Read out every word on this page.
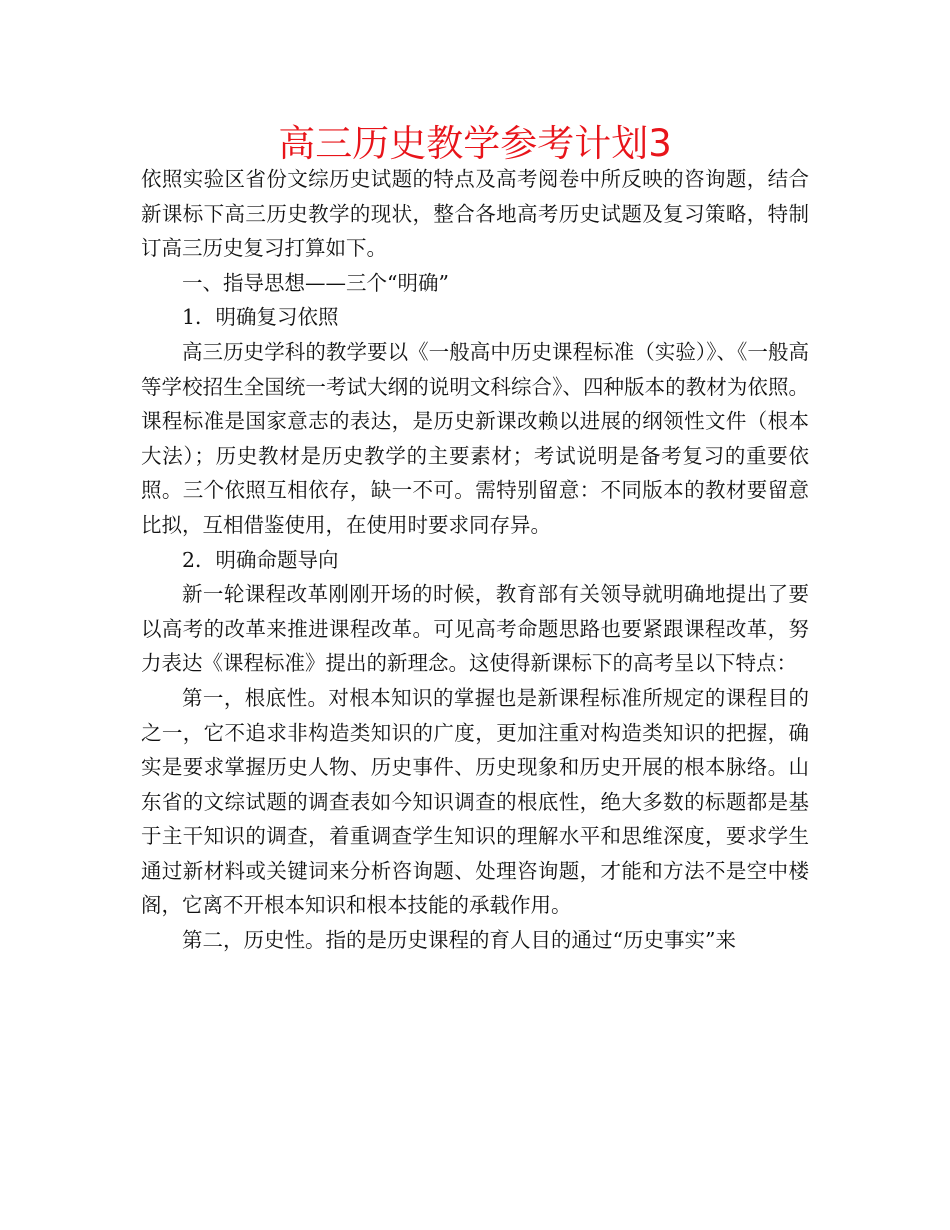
高三历史教学参考计划3

依照实验区省份文综历史试题的特点及高考阅卷中所反映的咨询题，结合新课标下高三历史教学的现状，整合各地高考历史试题及复习策略，特制订高三历史复习打算如下。

一、指导思想——三个“明确”

1．明确复习依照

高三历史学科的教学要以《一般高中历史课程标准（实验）》、《一般高等学校招生全国统一考试大纲的说明文科综合》、四种版本的教材为依照。课程标准是国家意志的表达，是历史新课改赖以进展的纲领性文件（根本大法）；历史教材是历史教学的主要素材；考试说明是备考复习的重要依照。三个依照互相依存，缺一不可。需特别留意：不同版本的教材要留意比拟，互相借鉴使用，在使用时要求同存异。

2．明确命题导向

新一轮课程改革刚刚开场的时候，教育部有关领导就明确地提出了要以高考的改革来推进课程改革。可见高考命题思路也要紧跟课程改革，努力表达《课程标准》提出的新理念。这使得新课标下的高考呈以下特点：

第一，根底性。对根本知识的掌握也是新课程标准所规定的课程目的之一，它不追求非构造类知识的广度，更加注重对构造类知识的把握，确实是要求掌握历史人物、历史事件、历史现象和历史开展的根本脉络。山东省的文综试题的调查表如今知识调查的根底性，绝大多数的标题都是基于主干知识的调查，着重调查学生知识的理解水平和思维深度，要求学生通过新材料或关键词来分析咨询题、处理咨询题，才能和方法不是空中楼阁，它离不开根本知识和根本技能的承载作用。

第二，历史性。指的是历史课程的育人目的通过“历史事实”来
